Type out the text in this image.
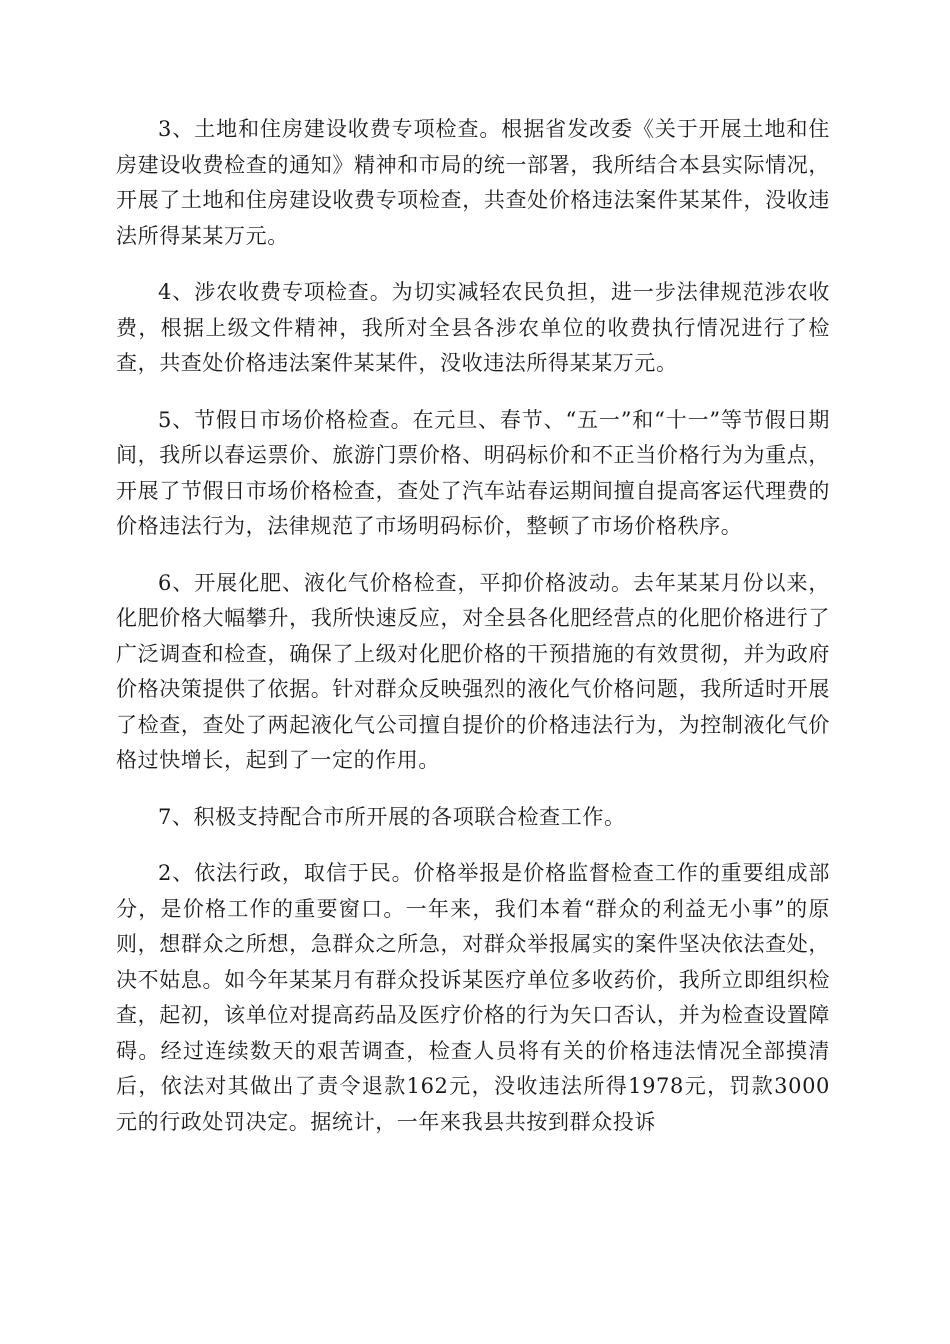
3、土地和住房建设收费专项检查。根据省发改委《关于开展土地和住房建设收费检查的通知》精神和市局的统一部署，我所结合本县实际情况，开展了土地和住房建设收费专项检查，共查处价格违法案件某某件，没收违法所得某某万元。

4、涉农收费专项检查。为切实减轻农民负担，进一步法律规范涉农收费，根据上级文件精神，我所对全县各涉农单位的收费执行情况进行了检查，共查处价格违法案件某某件，没收违法所得某某万元。

5、节假日市场价格检查。在元旦、春节、“五一”和“十一”等节假日期间，我所以春运票价、旅游门票价格、明码标价和不正当价格行为为重点，开展了节假日市场价格检查，查处了汽车站春运期间擅自提高客运代理费的价格违法行为，法律规范了市场明码标价，整顿了市场价格秩序。

6、开展化肥、液化气价格检查，平抑价格波动。去年某某月份以来，化肥价格大幅攀升，我所快速反应，对全县各化肥经营点的化肥价格进行了广泛调查和检查，确保了上级对化肥价格的干预措施的有效贯彻，并为政府价格决策提供了依据。针对群众反映强烈的液化气价格问题，我所适时开展了检查，查处了两起液化气公司擅自提价的价格违法行为，为控制液化气价格过快增长，起到了一定的作用。

7、积极支持配合市所开展的各项联合检查工作。

2、依法行政，取信于民。价格举报是价格监督检查工作的重要组成部分，是价格工作的重要窗口。一年来，我们本着“群众的利益无小事”的原则，想群众之所想，急群众之所急，对群众举报属实的案件坚决依法查处，决不姑息。如今年某某月有群众投诉某医疗单位多收药价，我所立即组织检查，起初，该单位对提高药品及医疗价格的行为矢口否认，并为检查设置障碍。经过连续数天的艰苦调查，检查人员将有关的价格违法情况全部摸清后，依法对其做出了责令退款162元，没收违法所得1978元，罚款3000元的行政处罚决定。据统计，一年来我县共按到群众投诉
